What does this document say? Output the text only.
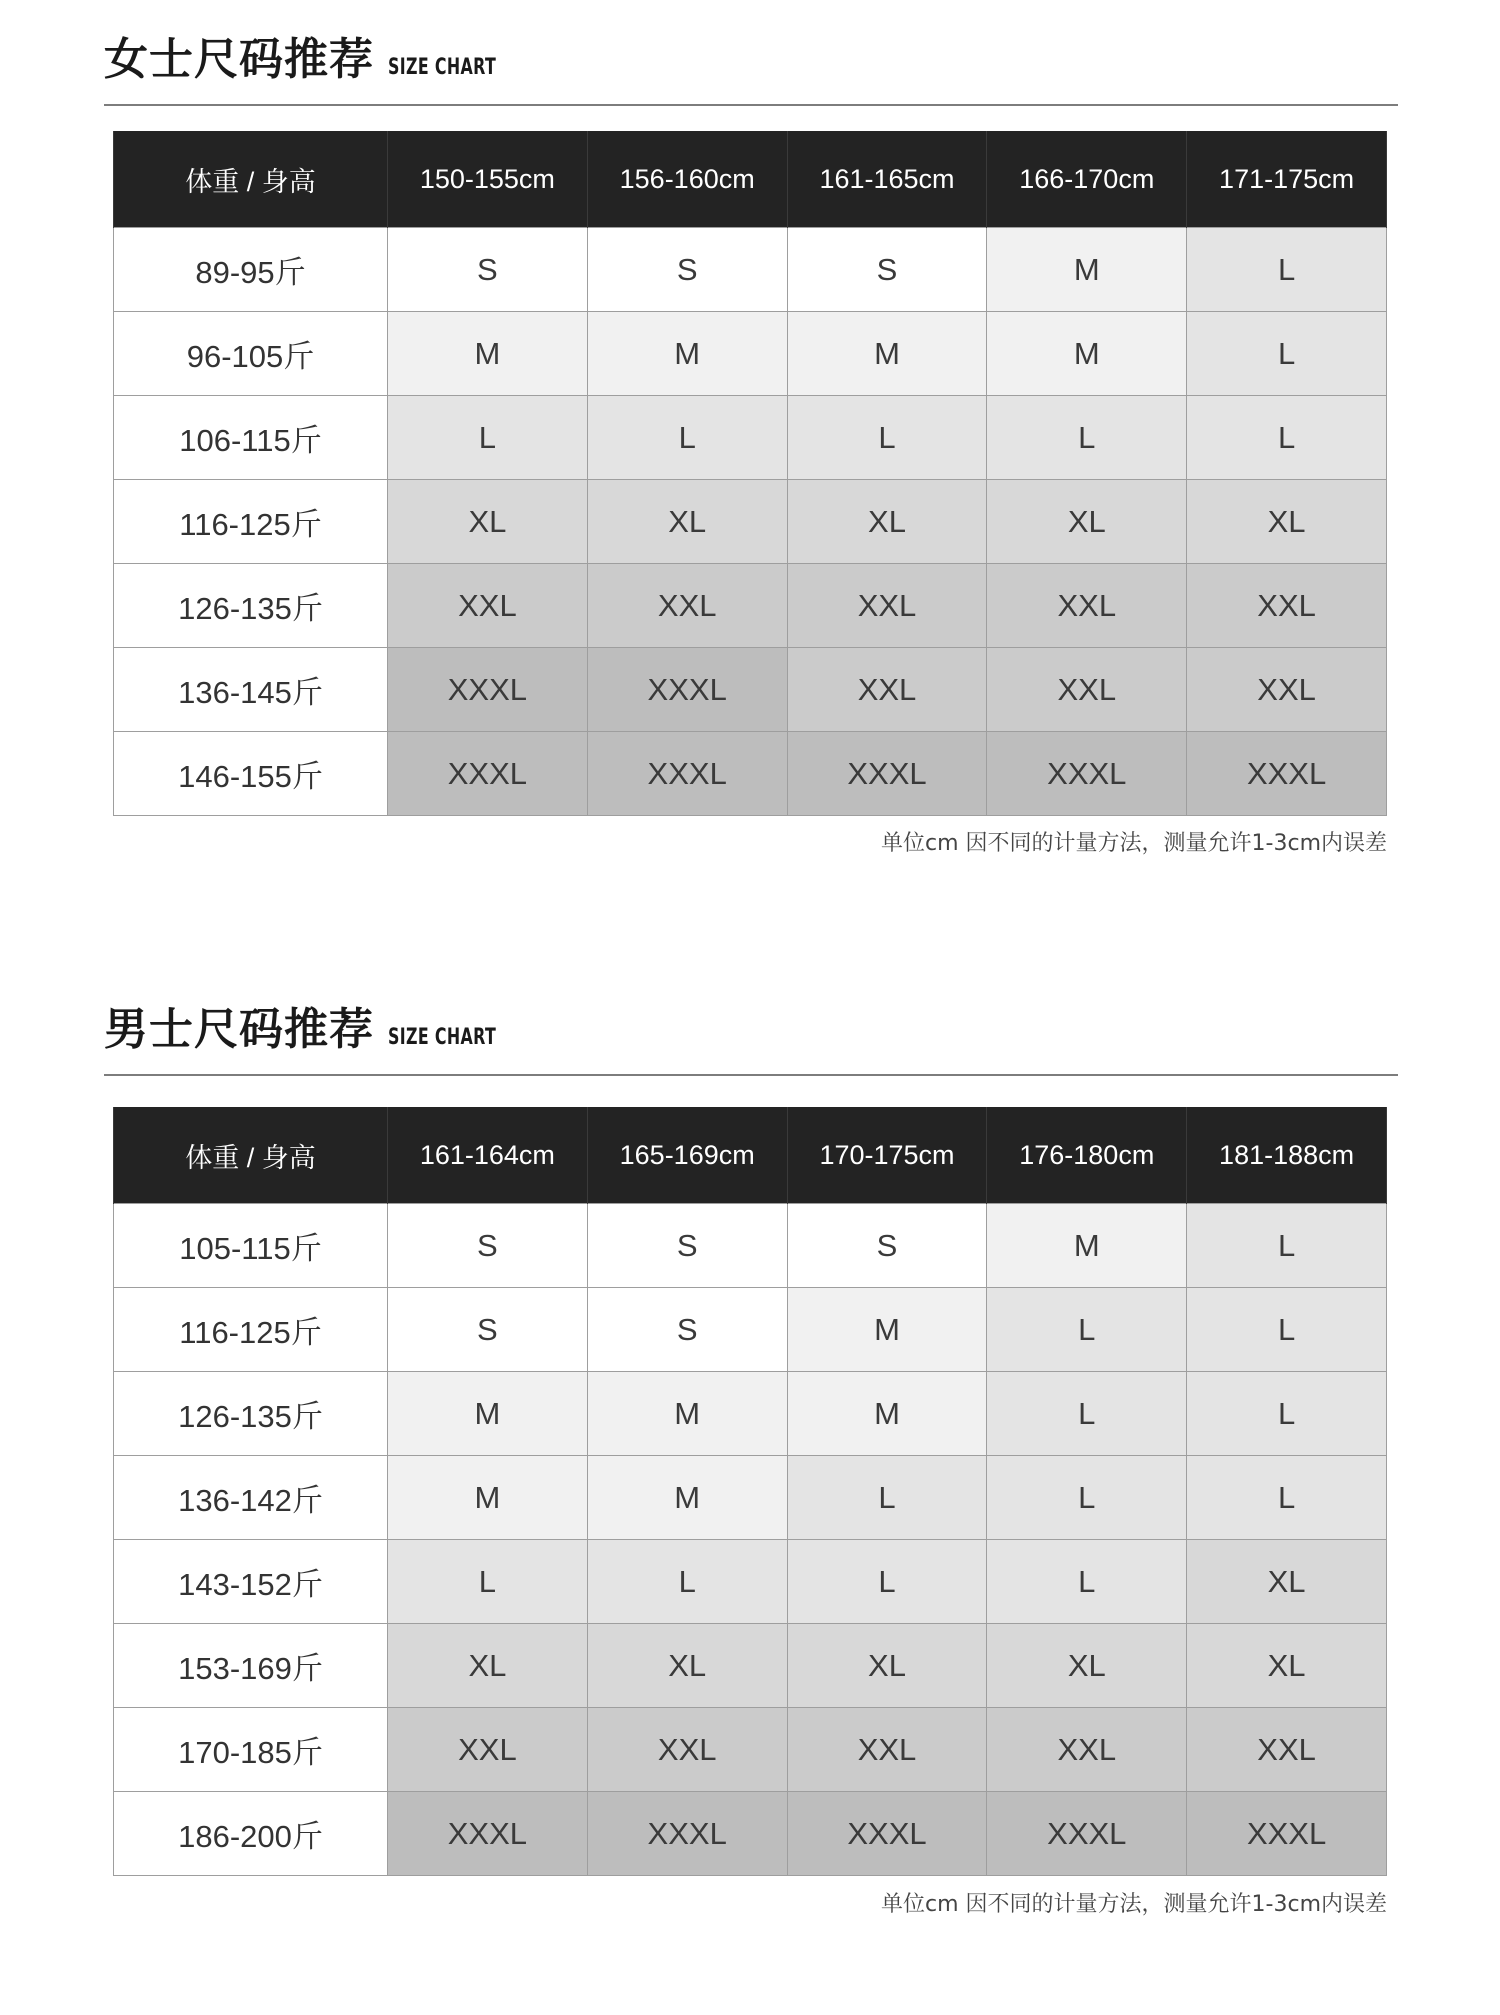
女士尺码推荐 SIZE CHART
体重 / 身高	150-155cm	156-160cm	161-165cm	166-170cm	171-175cm
89-95斤	S	S	S	M	L
96-105斤	M	M	M	M	L
106-115斤	L	L	L	L	L
116-125斤	XL	XL	XL	XL	XL
126-135斤	XXL	XXL	XXL	XXL	XXL
136-145斤	XXXL	XXXL	XXL	XXL	XXL
146-155斤	XXXL	XXXL	XXXL	XXXL	XXXL
单位cm 因不同的计量方法，测量允许1-3cm内误差
男士尺码推荐 SIZE CHART
体重 / 身高	161-164cm	165-169cm	170-175cm	176-180cm	181-188cm
105-115斤	S	S	S	M	L
116-125斤	S	S	M	L	L
126-135斤	M	M	M	L	L
136-142斤	M	M	L	L	L
143-152斤	L	L	L	L	XL
153-169斤	XL	XL	XL	XL	XL
170-185斤	XXL	XXL	XXL	XXL	XXL
186-200斤	XXXL	XXXL	XXXL	XXXL	XXXL
单位cm 因不同的计量方法，测量允许1-3cm内误差
